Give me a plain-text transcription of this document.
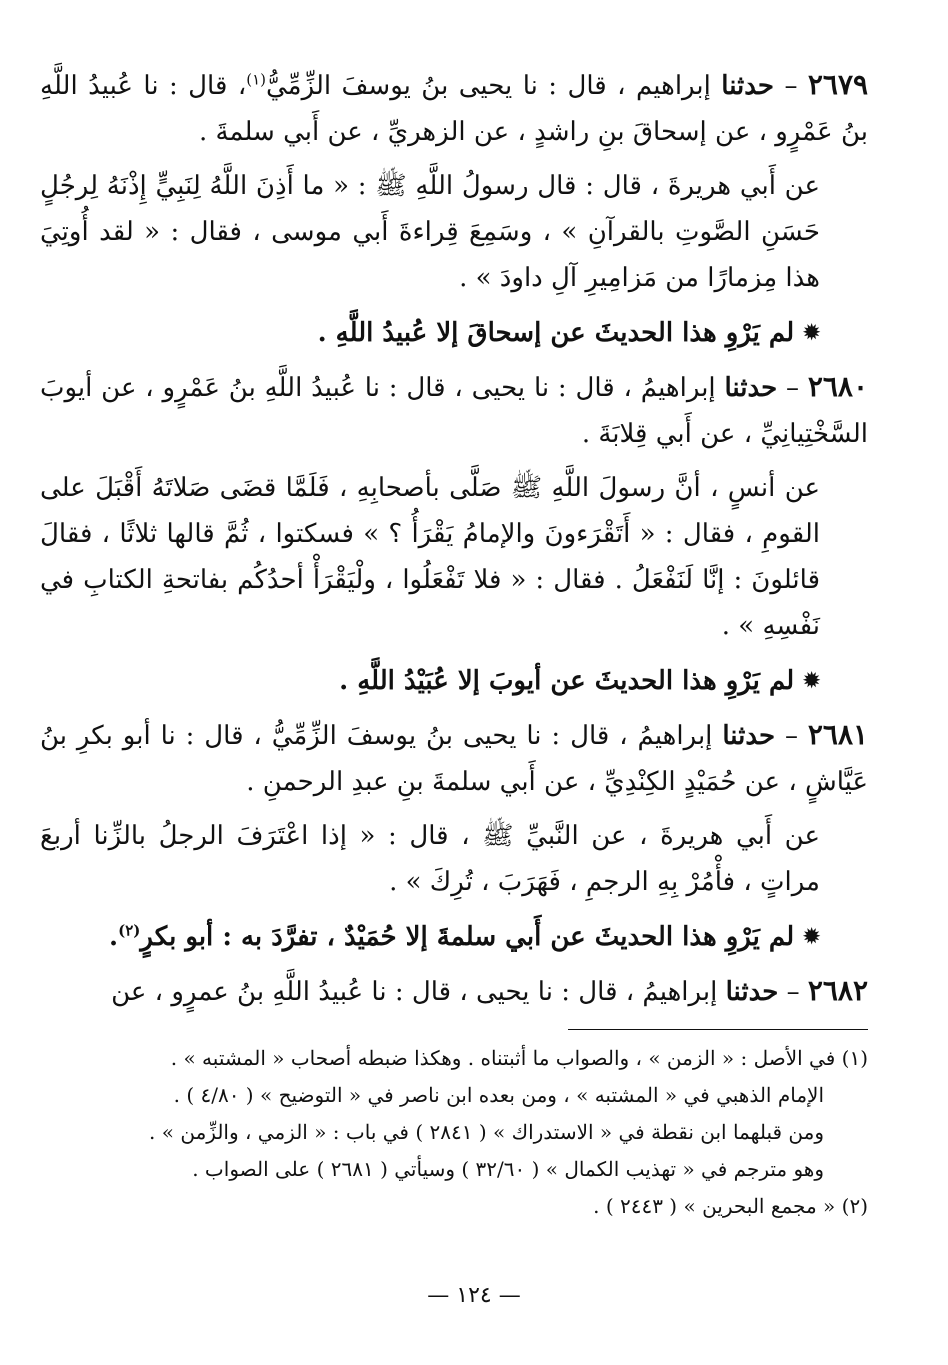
٢٦٧٩ – حدثنا إبراهيم ، قال : نا يحيى بنُ يوسفَ الزِّمِّيُّ$^{(١)}$، قال : نا عُبيدُ اللَّهِ بنُ عَمْرٍو ، عن إسحاقَ بنِ راشدٍ ، عن الزهريِّ ، عن أَبي سلمةَ .

عن أَبي هريرةَ ، قال : قال رسولُ اللَّهِ ﷺ : « ما أَذِنَ اللَّهُ لِنَبِيٍّ إِذْنَهُ لِرجُلٍ حَسَنِ الصَّوتِ بالقرآنِ » ، وسَمِعَ قِراءةَ أَبي موسى ، فقال : « لقد أُوتِيَ هذا مِزمارًا من مَزامِيرِ آلِ داودَ » .

✹ لم يَرْوِ هذا الحديثَ عن إسحاقَ إلا عُبيدُ اللَّهِ .

٢٦٨٠ – حدثنا إبراهيمُ ، قال : نا يحيى ، قال : نا عُبيدُ اللَّهِ بنُ عَمْرٍو ، عن أيوبَ السَّخْتِيانِيِّ ، عن أَبي قِلابَةَ .

عن أنسٍ ، أنَّ رسولَ اللَّهِ ﷺ صَلَّى بأصحابِهِ ، فَلَمَّا قضَى صَلاتَهُ أَقْبَلَ على القومِ ، فقال : « أَتَقْرَءونَ والإمامُ يَقْرَأُ ؟ » فسكتوا ، ثُمَّ قالها ثلاثًا ، فقالَ قائلونَ : إنَّا لَنَفْعَلُ . فقال : « فلا تَفْعَلُوا ، ولْيَقْرَأْ أحدُكُم بفاتحةِ الكتابِ في نَفْسِهِ » .

✹ لم يَرْوِ هذا الحديثَ عن أيوبَ إلا عُبَيْدُ اللَّهِ .

٢٦٨١ – حدثنا إبراهيمُ ، قال : نا يحيى بنُ يوسفَ الزِّمِّيُّ ، قال : نا أبو بكرِ بنُ عَيَّاشٍ ، عن حُمَيْدٍ الكِنْدِيِّ ، عن أَبي سلمةَ بنِ عبدِ الرحمنِ .

عن أَبي هريرةَ ، عن النَّبيِّ ﷺ ، قال : « إذا اعْتَرَفَ الرجلُ بالزِّنا أربعَ مراتٍ ، فأْمُرْ بِهِ الرجمِ ، فَهَرَبَ ، تُرِكَ » .

✹ لم يَرْوِ هذا الحديثَ عن أَبي سلمةَ إلا حُمَيْدٌ ، تفرَّدَ به : أبو بكرٍ$^{(٢)}$.

٢٦٨٢ – حدثنا إبراهيمُ ، قال : نا يحيى ، قال : نا عُبيدُ اللَّهِ بنُ عمرٍو ، عن

(١) في الأصل : « الزمن » ، والصواب ما أثبتناه . وهكذا ضبطه أصحاب « المشتبه » .

الإمام الذهبي في « المشتبه » ، ومن بعده ابن ناصر في « التوضيح » ( ٤/٨٠ ) .

ومن قبلهما ابن نقطة في « الاستدراك » ( ٢٨٤١ ) في باب : « الزمي ، والزِّمن » .

وهو مترجم في « تهذيب الكمال » ( ٣٢/٦٠ ) وسيأتي ( ٢٦٨١ ) على الصواب .

(٢) « مجمع البحرين » ( ٢٤٤٣ ) .

— ١٢٤ —
